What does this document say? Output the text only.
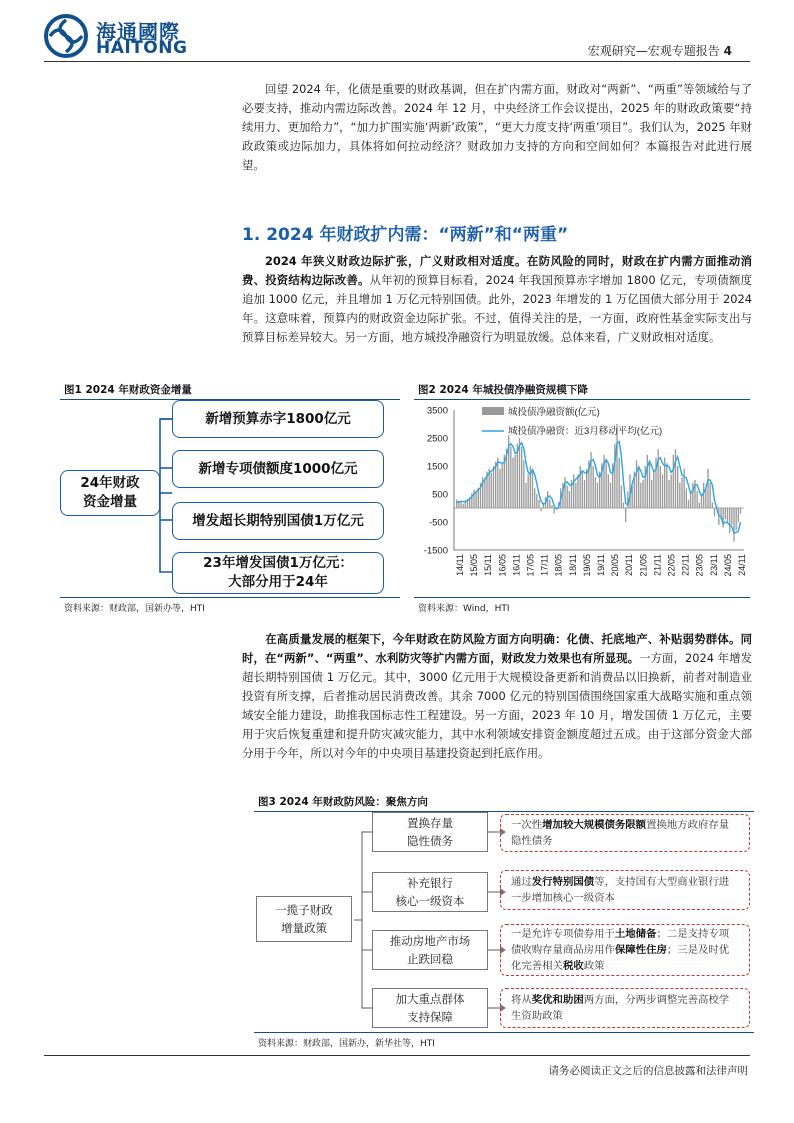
海通國際
HAITONG	宏观研究—宏观专题报告 4
回望 2024 年，化债是重要的财政基调，但在扩内需方面，财政对“两新”、“两重”等领域给与了必要支持，推动内需边际改善。2024 年 12 月，中央经济工作会议提出，2025 年的财政政策要“持续用力、更加给力”，“加力扩围实施‘两新’政策”，“更大力度支持‘两重’项目”。我们认为，2025 年财政政策或边际加力，具体将如何拉动经济？财政加力支持的方向和空间如何？本篇报告对此进行展望。
1. 2024 年财政扩内需：“两新”和“两重”
2024 年狭义财政边际扩张，广义财政相对适度。在防风险的同时，财政在扩内需方面推动消费、投资结构边际改善。从年初的预算目标看，2024 年我国预算赤字增加 1800 亿元，专项债额度追加 1000 亿元，并且增加 1 万亿元特别国债。此外，2023 年增发的 1 万亿国债大部分用于 2024 年。这意味着，预算内的财政资金边际扩张。不过，值得关注的是，一方面，政府性基金实际支出与预算目标差异较大。另一方面，地方城投净融资行为明显放缓。总体来看，广义财政相对适度。
图1 2024 年财政资金增量
24年财政
资金增量
新增预算赤字1800亿元
新增专项债额度1000亿元
增发超长期特别国债1万亿元
23年增发国债1万亿元：
大部分用于24年
资料来源：财政部，国新办等，HTI
图2 2024 年城投债净融资规模下降
3500
2500
1500
500
-500
-1500
14/11 15/05 15/11 16/05 16/11 17/05 17/11 18/05 18/11 19/05 19/11 20/05 20/11 21/05 21/11 22/05 22/11 23/05 23/11 24/05 24/11
城投债净融资额(亿元)
城投债净融资：近3月移动平均(亿元)
资料来源：Wind，HTI
在高质量发展的框架下，今年财政在防风险方面方向明确：化债、托底地产、补贴弱势群体。同时，在“两新”、“两重”、水利防灾等扩内需方面，财政发力效果也有所显现。一方面，2024 年增发超长期特别国债 1 万亿元。其中，3000 亿元用于大规模设备更新和消费品以旧换新，前者对制造业投资有所支撑，后者推动居民消费改善。其余 7000 亿元的特别国债围绕国家重大战略实施和重点领域安全能力建设，助推我国标志性工程建设。另一方面，2023 年 10 月，增发国债 1 万亿元，主要用于灾后恢复重建和提升防灾减灾能力，其中水利领域安排资金额度超过五成。由于这部分资金大部分用于今年，所以对今年的中央项目基建投资起到托底作用。
图3 2024 年财政防风险：聚焦方向
一揽子财政
增量政策
置换存量
隐性债务
补充银行
核心一级资本
推动房地产市场
止跌回稳
加大重点群体
支持保障
一次性增加较大规模债务限额置换地方政府存量隐性债务
通过发行特别国债等，支持国有大型商业银行进一步增加核心一级资本
一是允许专项债券用于土地储备；二是支持专项债收购存量商品房用作保障性住房；三是及时优化完善相关税收政策
将从奖优和助困两方面，分两步调整完善高校学生资助政策
资料来源：财政部，国新办，新华社等，HTI
请务必阅读正文之后的信息披露和法律声明
